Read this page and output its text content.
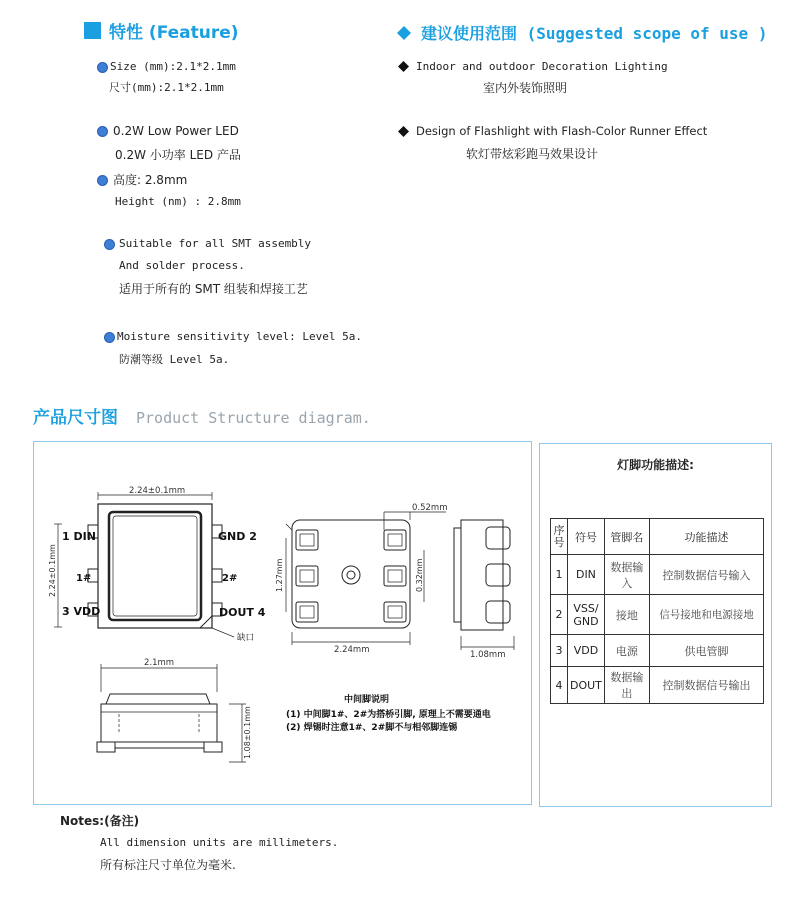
特性 (Feature)
Size (mm):2.1*2.1mm
尺寸(mm):2.1*2.1mm
0.2W Low Power LED
0.2W 小功率 LED 产品
高度: 2.8mm
Height (nm) : 2.8mm
Suitable for all SMT assembly
And solder process.
适用于所有的 SMT 组装和焊接工艺
Moisture sensitivity level: Level 5a.
防潮等级 Level 5a.
建议使用范围 (Suggested scope of use )
Indoor and outdoor Decoration Lighting
室内外装饰照明
Design of Flashlight with Flash-Color Runner Effect
软灯带炫彩跑马效果设计
产品尺寸图 Product Structure diagram.
2.24±0.1mm
2.24±0.1mm
1 DIN
1#
3 VDD
GND 2
2#
DOUT 4
缺口
0.52mm
1.27mm	0.32mm
2.24mm	1.08mm
2.1mm
1.08±0.1mm
中间脚说明
(1) 中间脚1#、2#为搭桥引脚, 原理上不需要通电
(2) 焊锡时注意1#、2#脚不与相邻脚连锡
灯脚功能描述:
序号	符号	管脚名	功能描述
1	DIN	数据输入	控制数据信号输入
2	VSS/GND	接地	信号接地和电源接地
3	VDD	电源	供电管脚
4	DOUT	数据输出	控制数据信号输出
Notes:(备注)
All dimension units are millimeters.
所有标注尺寸单位为毫米.
